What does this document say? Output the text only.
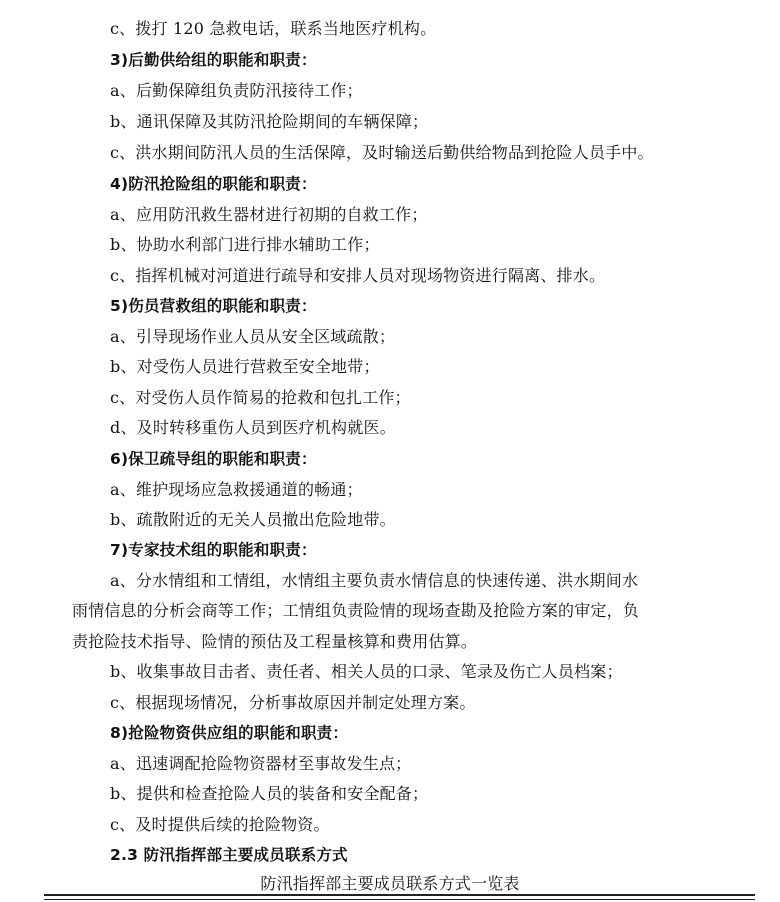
c、拨打 120 急救电话，联系当地医疗机构。
3)后勤供给组的职能和职责：
a、后勤保障组负责防汛接待工作；
b、通讯保障及其防汛抢险期间的车辆保障；
c、洪水期间防汛人员的生活保障，及时输送后勤供给物品到抢险人员手中。
4)防汛抢险组的职能和职责：
a、应用防汛救生器材进行初期的自救工作；
b、协助水利部门进行排水辅助工作；
c、指挥机械对河道进行疏导和安排人员对现场物资进行隔离、排水。
5)伤员营救组的职能和职责：
a、引导现场作业人员从安全区域疏散；
b、对受伤人员进行营救至安全地带；
c、对受伤人员作简易的抢救和包扎工作；
d、及时转移重伤人员到医疗机构就医。
6)保卫疏导组的职能和职责：
a、维护现场应急救援通道的畅通；
b、疏散附近的无关人员撤出危险地带。
7)专家技术组的职能和职责：
a、分水情组和工情组，水情组主要负责水情信息的快速传递、洪水期间水
雨情信息的分析会商等工作；工情组负责险情的现场查勘及抢险方案的审定，负
责抢险技术指导、险情的预估及工程量核算和费用估算。
b、收集事故目击者、责任者、相关人员的口录、笔录及伤亡人员档案；
c、根据现场情况，分析事故原因并制定处理方案。
8)抢险物资供应组的职能和职责：
a、迅速调配抢险物资器材至事故发生点；
b、提供和检查抢险人员的装备和安全配备；
c、及时提供后续的抢险物资。
2.3 防汛指挥部主要成员联系方式
防汛指挥部主要成员联系方式一览表
